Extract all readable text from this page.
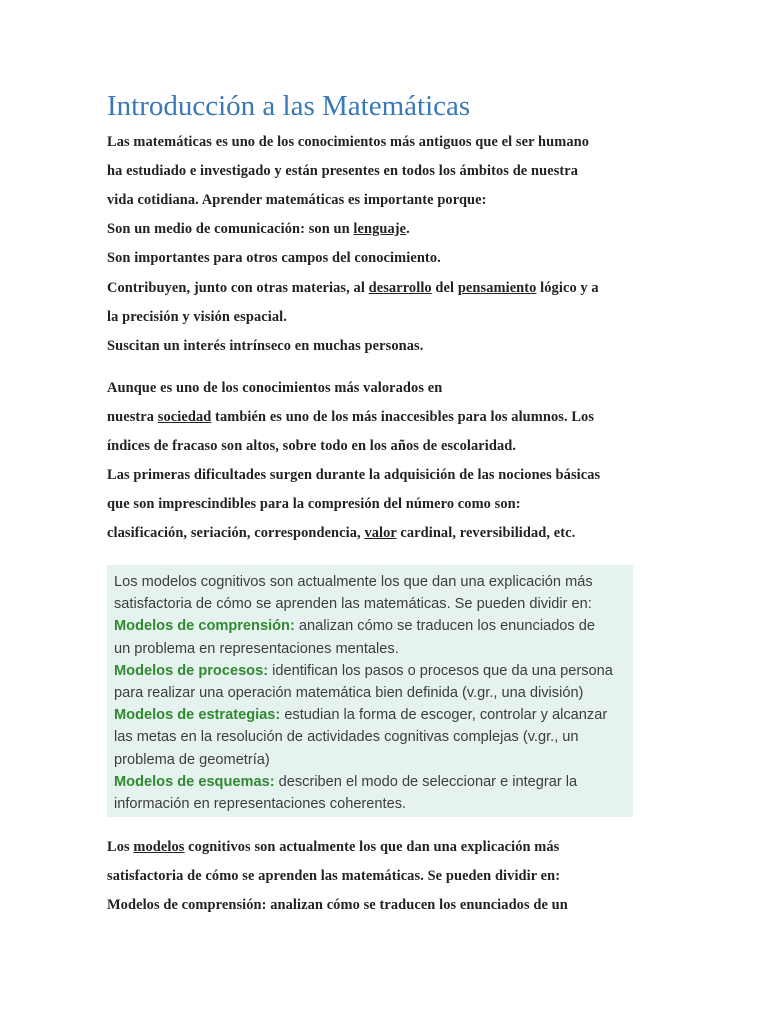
Introducción a las Matemáticas
Las matemáticas es uno de los conocimientos más antiguos que el ser humano
ha estudiado e investigado y están presentes en todos los ámbitos de nuestra
vida cotidiana. Aprender matemáticas es importante porque:
Son un medio de comunicación: son un lenguaje.
Son importantes para otros campos del conocimiento.
Contribuyen, junto con otras materias, al desarrollo del pensamiento lógico y a
la precisión y visión espacial.
Suscitan un interés intrínseco en muchas personas.
Aunque es uno de los conocimientos más valorados en
nuestra sociedad también es uno de los más inaccesibles para los alumnos. Los
índices de fracaso son altos, sobre todo en los años de escolaridad.
Las primeras dificultades surgen durante la adquisición de las nociones básicas
que son imprescindibles para la compresión del número como son:
clasificación, seriación, correspondencia, valor cardinal, reversibilidad, etc.
Los modelos cognitivos son actualmente los que dan una explicación más
satisfactoria de cómo se aprenden las matemáticas. Se pueden dividir en:
Modelos de comprensión: analizan cómo se traducen los enunciados de un
Los modelos cognitivos son actualmente los que dan una explicación más
satisfactoria de cómo se aprenden las matemáticas. Se pueden dividir en:
Modelos de comprensión: analizan cómo se traducen los enunciados de
un problema en representaciones mentales.
Modelos de procesos: identifican los pasos o procesos que da una persona
para realizar una operación matemática bien definida (v.gr., una división)
Modelos de estrategias: estudian la forma de escoger, controlar y alcanzar
las metas en la resolución de actividades cognitivas complejas (v.gr., un
problema de geometría)
Modelos de esquemas: describen el modo de seleccionar e integrar la
información en representaciones coherentes.
